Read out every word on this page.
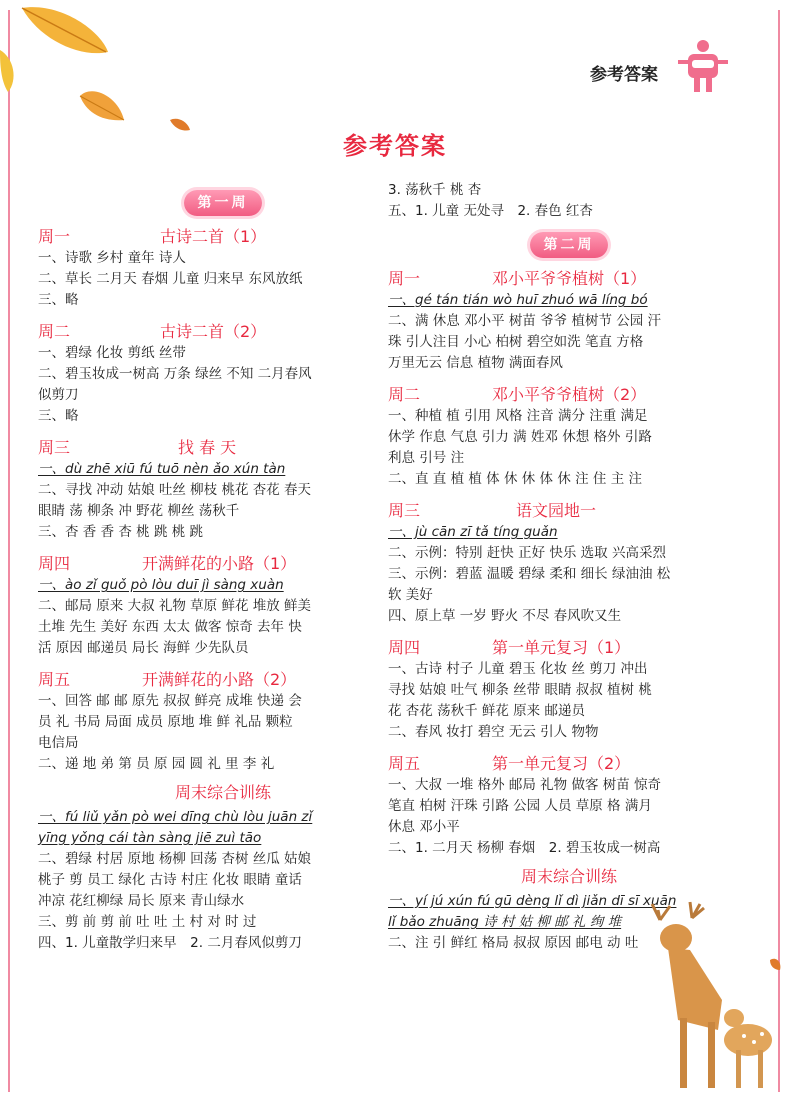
参考答案
参考答案
第一周
周一	古诗二首（1）
一、诗歌 乡村 童年 诗人
二、草长 二月天 春烟 儿童 归来早 东风放纸
三、略
周二	古诗二首（2）
一、碧绿 化妆 剪纸 丝带
二、碧玉妆成一树高 万条 绿丝 不知 二月春风
似剪刀
三、略
周三	找 春 天
一、dù zhē xiū fú tuō nèn ǎo xún tàn
二、寻找 冲动 姑娘 吐丝 柳枝 桃花 杏花 春天
眼睛 荡 柳条 冲 野花 柳丝 荡秋千
三、杏 香 香 杏 桃 跳 桃 跳
周四	开满鲜花的小路（1）
一、ào zǐ guǒ pò lòu duī jì sàng xuàn
二、邮局 原来 大叔 礼物 草原 鲜花 堆放 鲜美
土堆 先生 美好 东西 太太 做客 惊奇 去年 快
活 原因 邮递员 局长 海鲜 少先队员
周五	开满鲜花的小路（2）
一、回答 邮 邮 原先 叔叔 鲜亮 成堆 快递 会
员 礼 书局 局面 成员 原地 堆 鲜 礼品 颗粒
电信局
二、递 地 弟 第 员 原 园 圆 礼 里 李 礼
周末综合训练
一、fú liǔ yǎn pò wei dīng chù lòu juān zǐ
yīng yǒng cái tàn sàng jiē zuì tāo
二、碧绿 村居 原地 杨柳 回荡 杏树 丝瓜 姑娘
桃子 剪 员工 绿化 古诗 村庄 化妆 眼睛 童话
冲凉 花红柳绿 局长 原来 青山绿水
三、剪 前 剪 前 吐 吐 土 村 对 时 过
四、1. 儿童散学归来早　2. 二月春风似剪刀
3. 荡秋千 桃 杏
五、1. 儿童 无处寻　2. 春色 红杏
第二周
周一	邓小平爷爷植树（1）
一、gé tán tián wò huī zhuó wā líng bó
二、满 休息 邓小平 树苗 爷爷 植树节 公园 汗
珠 引人注目 小心 柏树 碧空如洗 笔直 方格
万里无云 信息 植物 满面春风
周二	邓小平爷爷植树（2）
一、种植 植 引用 风格 注音 满分 注重 满足
休学 作息 气息 引力 满 姓邓 休想 格外 引路
利息 引号 注
二、直 直 植 植 体 休 休 体 休 注 住 主 注
周三	语文园地一
一、jù cān zī tǎ tíng guǎn
二、示例：特别 赶快 正好 快乐 选取 兴高采烈
三、示例：碧蓝 温暖 碧绿 柔和 细长 绿油油 松
软 美好
四、原上草 一岁 野火 不尽 春风吹又生
周四	第一单元复习（1）
一、古诗 村子 儿童 碧玉 化妆 丝 剪刀 冲出
寻找 姑娘 吐气 柳条 丝带 眼睛 叔叔 植树 桃
花 杏花 荡秋千 鲜花 原来 邮递员
二、春风 妆打 碧空 无云 引人 物物
周五	第一单元复习（2）
一、大叔 一堆 格外 邮局 礼物 做客 树苗 惊奇
笔直 柏树 汗珠 引路 公园 人员 草原 格 满月
休息 邓小平
二、1. 二月天 杨柳 春烟　2. 碧玉妆成一树高
周末综合训练
一、yí jú xún fú gū dèng lǐ dì jiǎn dī sī xuān
lǐ bǎo zhuāng 诗 村 姑 柳 邮 礼 绚 堆
二、注 引 鲜红 格局 叔叔 原因 邮电 动 吐
